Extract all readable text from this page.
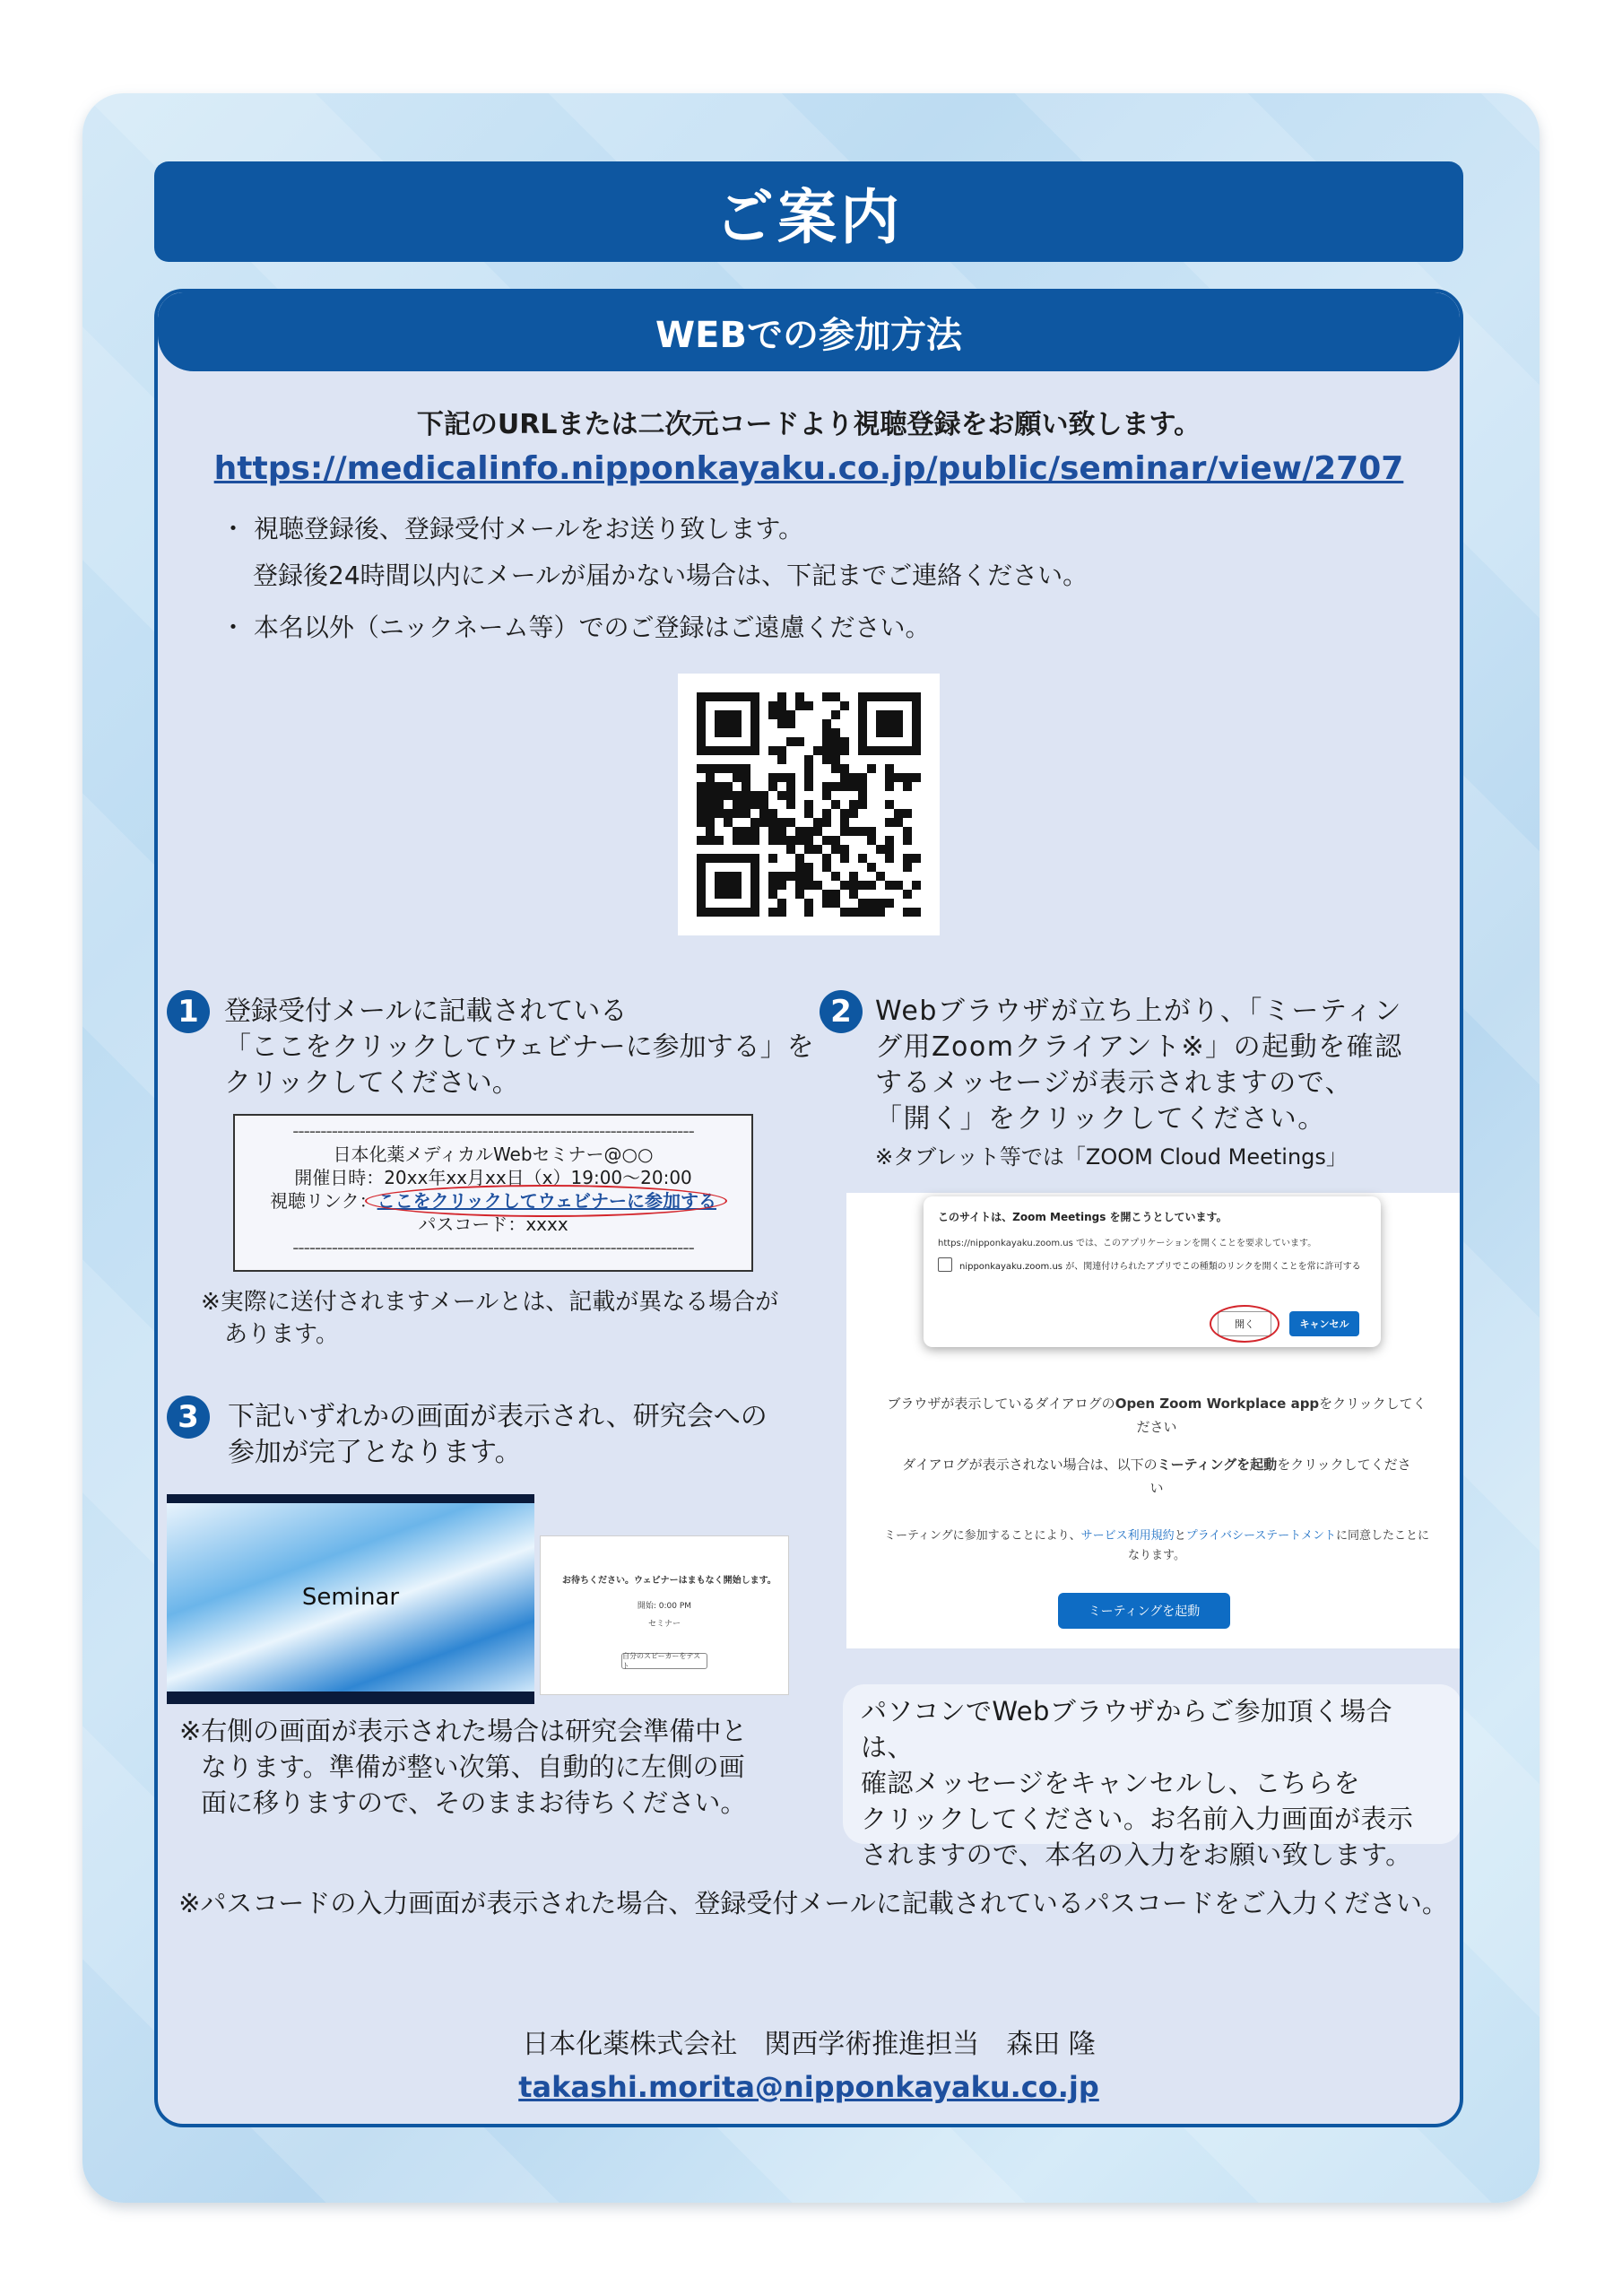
ご案内
WEBでの参加方法
下記のURLまたは二次元コードより視聴登録をお願い致します。
https://medicalinfo.nipponkayaku.co.jp/public/seminar/view/2707
・ 視聴登録後、登録受付メールをお送り致します。
登録後24時間以内にメールが届かない場合は、下記までご連絡ください。
・ 本名以外（ニックネーム等）でのご登録はご遠慮ください。
1 登録受付メールに記載されている
「ここをクリックしてウェビナーに参加する」を
クリックしてください。
------------------------------------------------------------------------
日本化薬メディカルWebセミナー@○○
開催日時：20xx年xx月xx日（x）19:00～20:00
視聴リンク：ここをクリックしてウェビナーに参加する
パスコード：xxxx
------------------------------------------------------------------------
※実際に送付されますメールとは、記載が異なる場合が
あります。
2 Webブラウザが立ち上がり、「ミーティン
グ用Zoomクライアント※」の起動を確認
するメッセージが表示されますので、
「開く」をクリックしてください。
※タブレット等では「ZOOM Cloud Meetings」
このサイトは、Zoom Meetings を開こうとしています。
https://nipponkayaku.zoom.us では、このアプリケーションを開くことを要求しています。
nipponkayaku.zoom.us が、関連付けられたアプリでこの種類のリンクを開くことを常に許可する
開く	キャンセル
ブラウザが表示しているダイアログのOpen Zoom Workplace appをクリックしてく
ださい
ダイアログが表示されない場合は、以下のミーティングを起動をクリックしてくださ
い
ミーティングに参加することにより、サービス利用規約とプライバシーステートメントに同意したことに
なります。
ミーティングを起動
3	下記いずれかの画面が表示され、研究会への
参加が完了となります。
Seminar
お待ちください。ウェビナーはまもなく開始します。
開始: 0:00 PM
セミナー
自分のスピーカーをテスト
※右側の画面が表示された場合は研究会準備中と
なります。準備が整い次第、自動的に左側の画
面に移りますので、そのままお待ちください。
パソコンでWebブラウザからご参加頂く場合は、
確認メッセージをキャンセルし、こちらを
クリックしてください。お名前入力画面が表示
されますので、本名の入力をお願い致します。
※パスコードの入力画面が表示された場合、登録受付メールに記載されているパスコードをご入力ください。
日本化薬株式会社　関西学術推進担当　森田 隆
takashi.morita@nipponkayaku.co.jp
